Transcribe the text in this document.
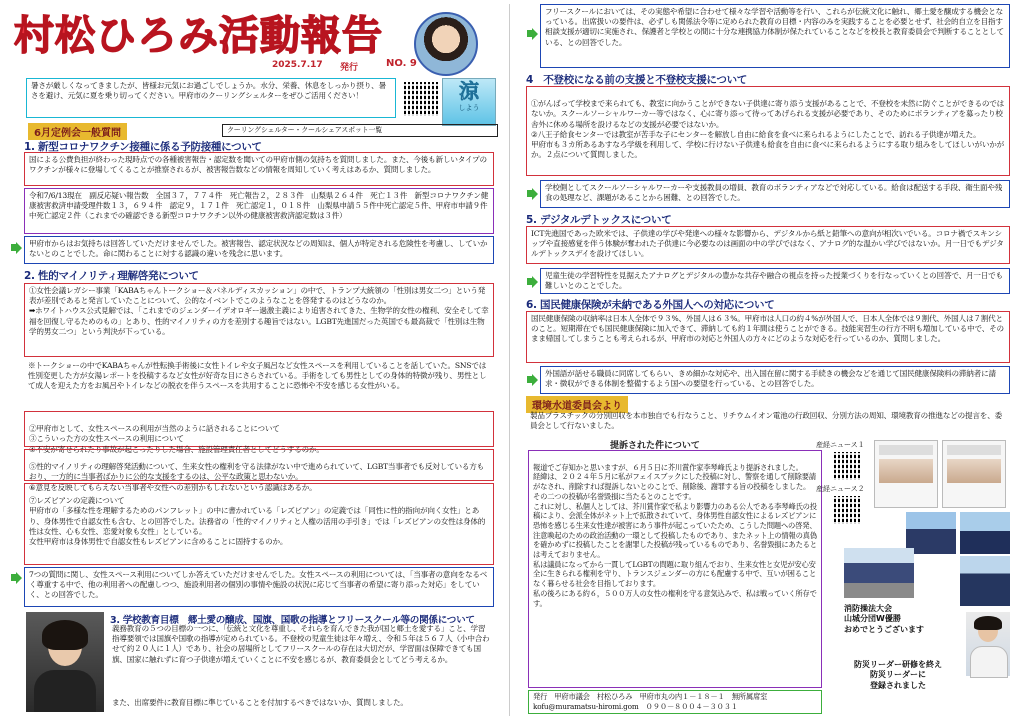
村松ひろみ活動報告
2025.7.17 発行	NO. 9
暑さが厳しくなってきましたが、皆様お元気にお過ごしでしょうか。水分、栄養、休息をしっかり摂り、暑さを避け、元気に夏を乗り切ってください。甲府市のクーリングシェルターをぜひご活用ください！	涼
しよう
クーリングシェルター・クールシェアスポット一覧
6月定例会一般質問
1. 新型コロナワクチン接種に係る予防接種について
国による公費負担が終わった現時点での各種被害報告・認定数を聞いての甲府市側の気持ちを質問しました。また、今後も新しいタイプのワクチンが様々に登場してくることが推察されるが、被害報告数などの情報を周知していく考えはあるか、質問しました。
令和7/6/13現在　副反応疑い報告数　全国３７，７７４件　死亡報告２，２８３件　山梨県２６４件　死亡１３件　新型コロナワクチン健康被害救済申請受理件数１３，６９４件　認定９，１７１件　死亡認定１，０１８件　山梨県申請５５件中死亡認定５件、甲府市申請９件中死亡認定２件（これまでの確認できる新型コロナワクチン以外の健康被害救済認定数は３件）
甲府市からはお気持ちは回答していただけませんでした。被害報告、認定状況などの周知は、個人が特定される危険性を考慮し、していかないとのことでした。命に関わることに対する認識の違いを残念に思います。
2. 性的マイノリティ理解啓発について
①女性会議レガシー事業「KABAちゃんトークショー＆パネルディスカッション」の中で、トランプ大統領の「性別は男女二つ」という発表が差別であると発言していたことについて、公的なイベントでこのようなことを啓発するのはどうなのか。
➡ホワイトハウス公式見解では、「これまでのジェンダーイデオロギー過激主義により追害されてきた、生物学的女性の権利、安全そして幸福を回復し守るためのもの」とあり、性的マイノリティの方を差別する趣旨ではない。LGBT先進国だった英国でも最高裁で「性別は生物学的男女二つ」という判決が下っている。
※トークショーの中でKABAちゃんが性転換手術後に女性トイレや女子風呂など女性スペースを利用していることを話していた。SNSでは性別変更した方が女湯レポートを投稿するなど女性が好奇な目にさらされている。手術をしても男性としての身体的特徴が残り、男性として成人を迎えた方をお風呂やトイレなどの脱衣を伴うスペースを共用することに恐怖や不安を感じる女性がいる。

②甲府市として、女性スペースの利用が当然のように話されることについて
③こういった方の女性スペースの利用について
④不安が寄せられたり事故が起こったりした場合、施設管理責任者としてどうするのか。

⑤性的マイノリティの理解啓発活動について、生来女性の権利を守る法律がない中で進められていて、LGBT当事者でも反対している方もおり、一方的に当事者ばかりに公的な支援をするのは、公平な政策と思わないか。
⑥意見を反映してもらえない当事者や女性への差別かもしれないという認識はあるか。

⑦レズビアンの定義について
甲府市の「多様な性を理解するためのパンフレット」の中に書かれている「レズビアン」の定義では「同性に性的指向が向く女性」とあり、身体男性で自認女性も含む、との回答でした。法務省の「性的マイノリティと人権の活用の手引き」では「レズビアンの女性は身体的性は女性、心も女性、恋愛対象も女性」としている。
女性甲府市は身体男性で自認女性もレズビアンに含めることに固持するのか。

7つの質問に関し、女性スペース利用についてしか答えていただけませんでした。女性スペースの利用については、「当事者の意向をなるべく尊重する中で、他の利用者への配慮しつつ、施設利用者の個別の事情や施設の状況に応じて当事者の希望に寄り添った対応」をしていく、との回答でした。
3. 学校教育目標　郷土愛の醸成、国旗、国歌の指導とフリースクール等の関係について
義務教育の５つの目標の一つに、「伝統と文化を尊重し、それらを育んできた我が国と郷土を愛する」こと、学習指導要領では国旗や国歌の指導が定められている。不登校の児童生徒は年々増え、令和５年は５６７人（小中合わせて約２０人に１人）であり、社会の居場所としてフリースクールの存在は大切だが、学習面は保障できても国旗、国家に触れずに育つ子供達が増えていくことに不安を感じるが、教育委員会としてどう考えるか。
また、出席要件に教育目標に準じていることを付加するべきではないか、質問しました。
フリースクールにおいては、その実態や希望に合わせて様々な学習や活動等を行い、これらが伝統文化に触れ、郷土愛を醸成する機会となっている。出席扱いの要件は、必ずしも関係法令等に定められた教育の目標・内容のみを実践することを必要とせず、社会的自立を目指す相談支援が適切に実施され、保護者と学校との間に十分な連携協力体制が保たれていることなどを校長と教育委員会で判断することとしている、との回答でした。
4　不登校になる前の支援と不登校支援について

①がんばって学校まで来られても、教室に向かうことができない子供達に寄り添う支援があることで、不登校を未然に防ぐことができるのではないか。スクールソーシャルワーカー等ではなく、心に寄り添って待ってあげられる支援が必要であり、そのためにボランティアを募ったり校舎外に休める場所を設けるなどの支援が必要ではないか。
②八王子給食センターでは教室が苦手な子にセンターを解放し自由に給食を食べに来られるようにしたことで、訪れる子供達が増えた。
甲府市も３カ所あるあすなろ学級を利用して、学校に行けない子供達も給食を自由に食べに来られるようにする取り組みをしてほしいがいかがか。２点について質問しました。

学校側としてスクールソーシャルワーカーや支援教員の増員、教育のボランティアなどで対応している。給食は配送する手段、衛生面や残食の処理など、課題があることから困難、との回答でした。
5. デジタルデトックスについて
ICT先進国であった欧米では、子供達の学びや発達への様々な影響から、デジタルから紙と鉛筆への意向が相次いでいる。コロナ禍でスキンシップや直接感覚を伴う体験が奪われた子供達に今必要なのは画面の中の学びではなく、アナログ的な温かい学びではないか。月一日でもデジタルデトックスデイを設けてほしい。
児童生徒の学習特性を見据えたアナログとデジタルの豊かな共存や融合の視点を持った授業づくりを行なっていくとの回答で、月一日でも難しいとのことでした。
6. 国民健康保険が未納である外国人への対応について
国民健康保険の収納率は日本人全体で９３%、外国人は６３%。甲府市は人口の約４%が外国人で、日本人全体では９割代、外国人は７割代とのこと。短期滞在でも国民健康保険に加入できて、滞納しても約１年間は使うことができる。技能実習生の行方不明も増加している中で、そのまま帰国してしまうことも考えられるが、甲府市の対応と外国人の方々にどのような対応を行っているのか、質問しました。
外国語が話せる職員に同席してもらい、きめ細かな対応や、出入国在留に関する手続きの機会などを通じて国民健康保険料の滞納者に請求・徴収ができる体制を整備するよう国への要望を行っている、との回答でした。
環境水道委員会より
製品プラスチックの分別回収を本市独自でも行なうこと、リチウムイオン電池の行政回収、分別方法の周知、環境教育の推進などの提言を、委員会として行ないました。
提訴された件について

報道でご存知かと思いますが、６月５日に芥川賞作家李琴峰氏より提訴されました。
経緯は、２０２４年５月に私がフェイスブックにした投稿に対し、警察を通して削除要請がなされ、削除すれば提訴しないとのことで、削除後、謝罪する旨の投稿をしました。その二つの投稿が名誉毀損に当たるとのことです。
これに対し、私個人としては、芥川賞作家で私より影響力のある公人である李琴峰氏の投稿により、会派全体がネット上で拡散されていて、身体男性自認女性によるレズビアンに恐怖を感じる生来女性達が被害にあう事件が起こっていたため、こうした問題への啓発、注意喚起のための政治活動の一環として投稿したものであり、またネット上の情報の真偽を確かめずに投稿したことを謝罪した投稿が残っているものであり、名誉毀損にあたるとは考えておりません。
私は議員になってから一貫してLGBTの問題に取り組んでおり、生来女性と女児が安心安全に生きられる権利を守り、トランスジェンダーの方にも配慮する中で、互いが困ることなく暮らせる社会を目指しております。
私の後ろにある約６，５００万人の女性の権利を守る意気込みで、私は戦っていく所存です。

発行　甲府市議会　村松ひろみ　甲府市丸の内１－１８－１　無所属席室
kofu@muramatsu-hiromi.gom　０９０－８００４－３０３１
産経ニュース１
産経ニュース２
消防操法大会
山城分団W優勝
おめでとうございます
防災リーダー研修を終え
防災リーダーに
登録されました
